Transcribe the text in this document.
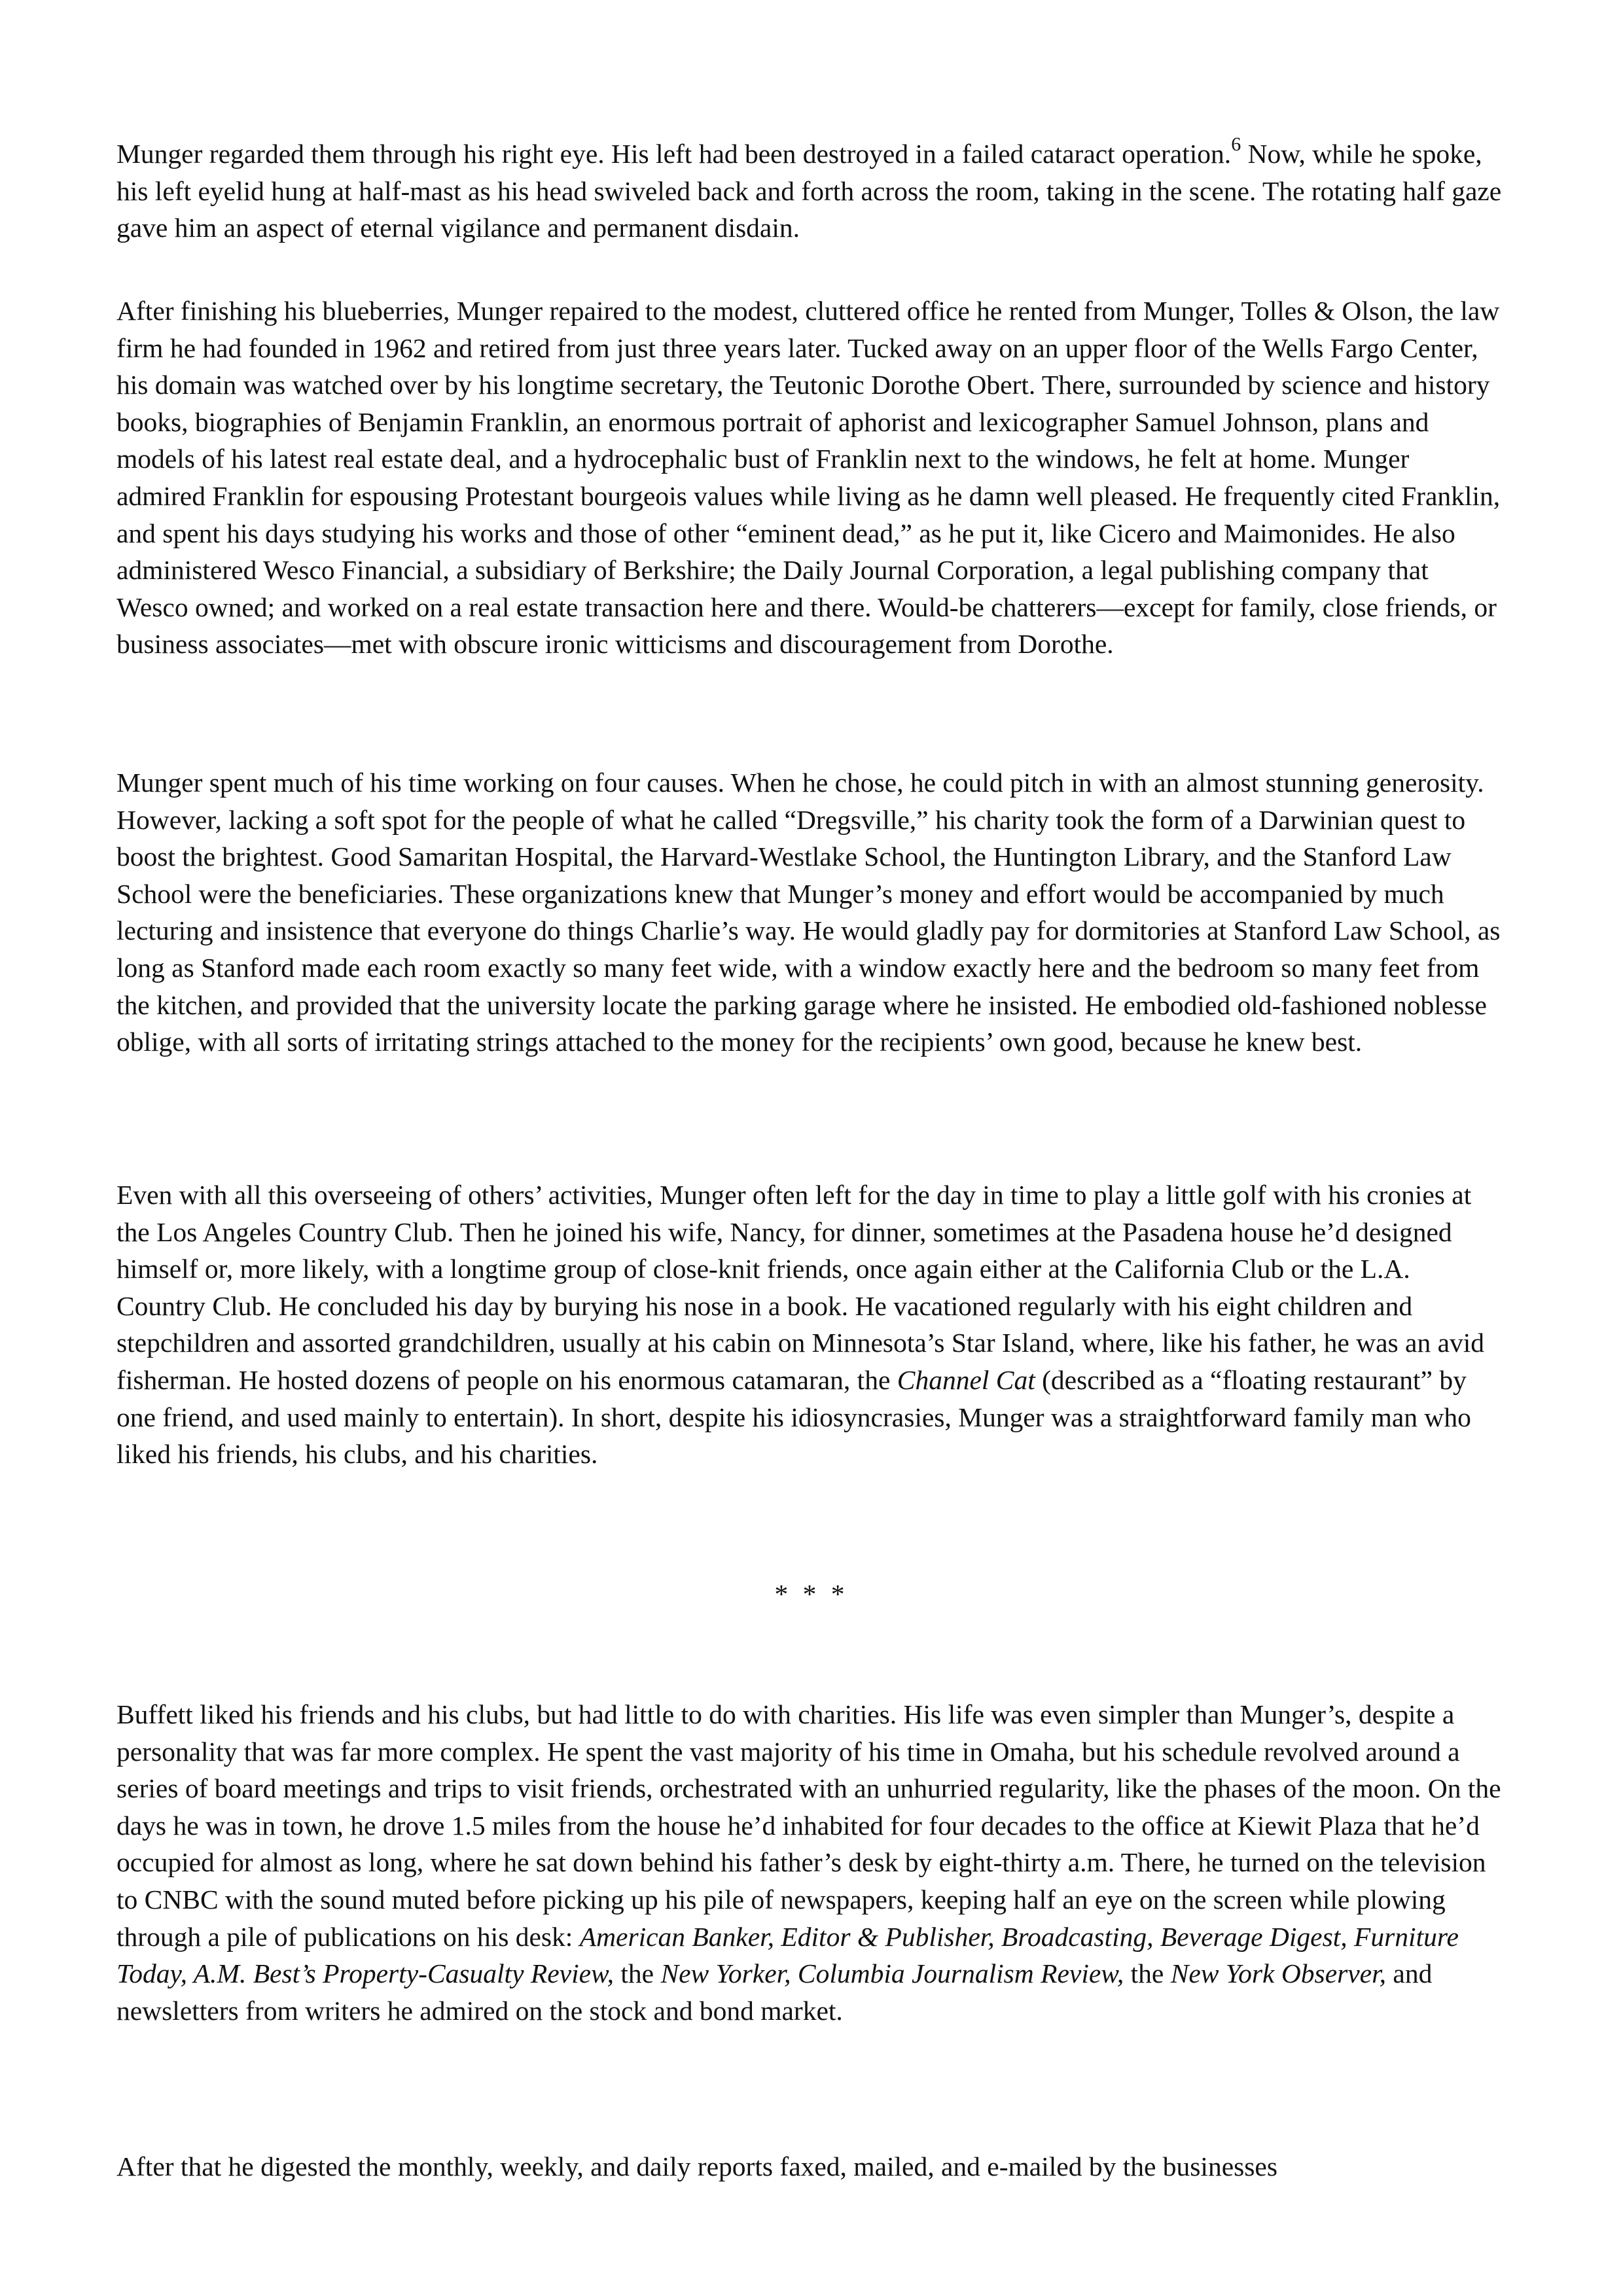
Munger regarded them through his right eye. His left had been destroyed in a failed cataract operation.$^6$ Now, while he spoke, his left eyelid hung at half-mast as his head swiveled back and forth across the room, taking in the scene. The rotating half gaze gave him an aspect of eternal vigilance and permanent disdain.

After finishing his blueberries, Munger repaired to the modest, cluttered office he rented from Munger, Tolles & Olson, the law firm he had founded in 1962 and retired from just three years later. Tucked away on an upper floor of the Wells Fargo Center, his domain was watched over by his longtime secretary, the Teutonic Dorothe Obert. There, surrounded by science and history books, biographies of Benjamin Franklin, an enormous portrait of aphorist and lexicographer Samuel Johnson, plans and models of his latest real estate deal, and a hydrocephalic bust of Franklin next to the windows, he felt at home. Munger admired Franklin for espousing Protestant bourgeois values while living as he damn well pleased. He frequently cited Franklin, and spent his days studying his works and those of other “eminent dead,” as he put it, like Cicero and Maimonides. He also administered Wesco Financial, a subsidiary of Berkshire; the Daily Journal Corporation, a legal publishing company that Wesco owned; and worked on a real estate transaction here and there. Would-be chatterers—except for family, close friends, or business associates—met with obscure ironic witticisms and discouragement from Dorothe.

Munger spent much of his time working on four causes. When he chose, he could pitch in with an almost stunning generosity. However, lacking a soft spot for the people of what he called “Dregsville,” his charity took the form of a Darwinian quest to boost the brightest. Good Samaritan Hospital, the Harvard-Westlake School, the Huntington Library, and the Stanford Law School were the beneficiaries. These organizations knew that Munger’s money and effort would be accompanied by much lecturing and insistence that everyone do things Charlie’s way. He would gladly pay for dormitories at Stanford Law School, as long as Stanford made each room exactly so many feet wide, with a window exactly here and the bedroom so many feet from the kitchen, and provided that the university locate the parking garage where he insisted. He embodied old-fashioned noblesse oblige, with all sorts of irritating strings attached to the money for the recipients’ own good, because he knew best.

Even with all this overseeing of others’ activities, Munger often left for the day in time to play a little golf with his cronies at the Los Angeles Country Club. Then he joined his wife, Nancy, for dinner, sometimes at the Pasadena house he’d designed himself or, more likely, with a longtime group of close-knit friends, once again either at the California Club or the L.A. Country Club. He concluded his day by burying his nose in a book. He vacationed regularly with his eight children and stepchildren and assorted grandchildren, usually at his cabin on Minnesota’s Star Island, where, like his father, he was an avid fisherman. He hosted dozens of people on his enormous catamaran, the Channel Cat (described as a “floating restaurant” by one friend, and used mainly to entertain). In short, despite his idiosyncrasies, Munger was a straightforward family man who liked his friends, his clubs, and his charities.

* * *

Buffett liked his friends and his clubs, but had little to do with charities. His life was even simpler than Munger’s, despite a personality that was far more complex. He spent the vast majority of his time in Omaha, but his schedule revolved around a series of board meetings and trips to visit friends, orchestrated with an unhurried regularity, like the phases of the moon. On the days he was in town, he drove 1.5 miles from the house he’d inhabited for four decades to the office at Kiewit Plaza that he’d occupied for almost as long, where he sat down behind his father’s desk by eight-thirty a.m. There, he turned on the television to CNBC with the sound muted before picking up his pile of newspapers, keeping half an eye on the screen while plowing through a pile of publications on his desk: American Banker, Editor & Publisher, Broadcasting, Beverage Digest, Furniture Today, A.M. Best’s Property-Casualty Review, the New Yorker, Columbia Journalism Review, the New York Observer, and newsletters from writers he admired on the stock and bond market.

After that he digested the monthly, weekly, and daily reports faxed, mailed, and e-mailed by the businesses
